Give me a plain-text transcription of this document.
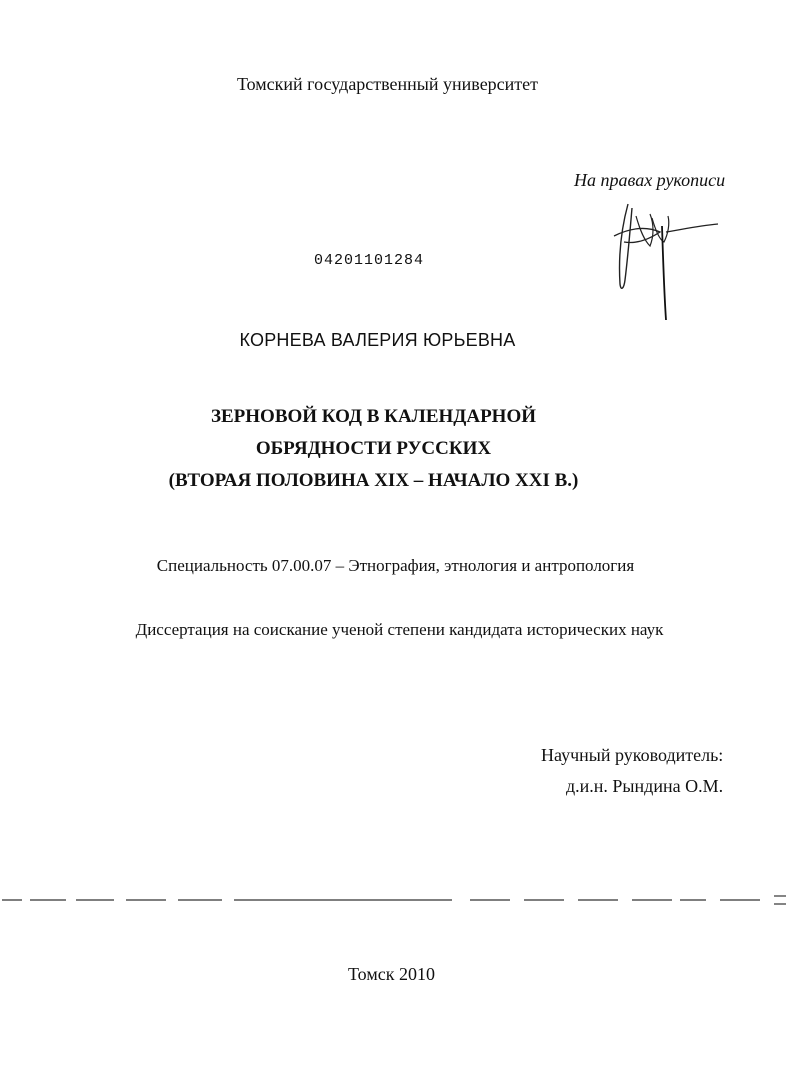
Томский государственный университет
На правах рукописи
04201101284
КОРНЕВА ВАЛЕРИЯ ЮРЬЕВНА
ЗЕРНОВОЙ КОД В КАЛЕНДАРНОЙ
ОБРЯДНОСТИ РУССКИХ
(ВТОРАЯ ПОЛОВИНА XIX – НАЧАЛО XXI В.)
Специальность 07.00.07 – Этнография, этнология и антропология
Диссертация на соискание ученой степени кандидата исторических наук
Научный руководитель:
д.и.н. Рындина О.М.
Томск 2010
